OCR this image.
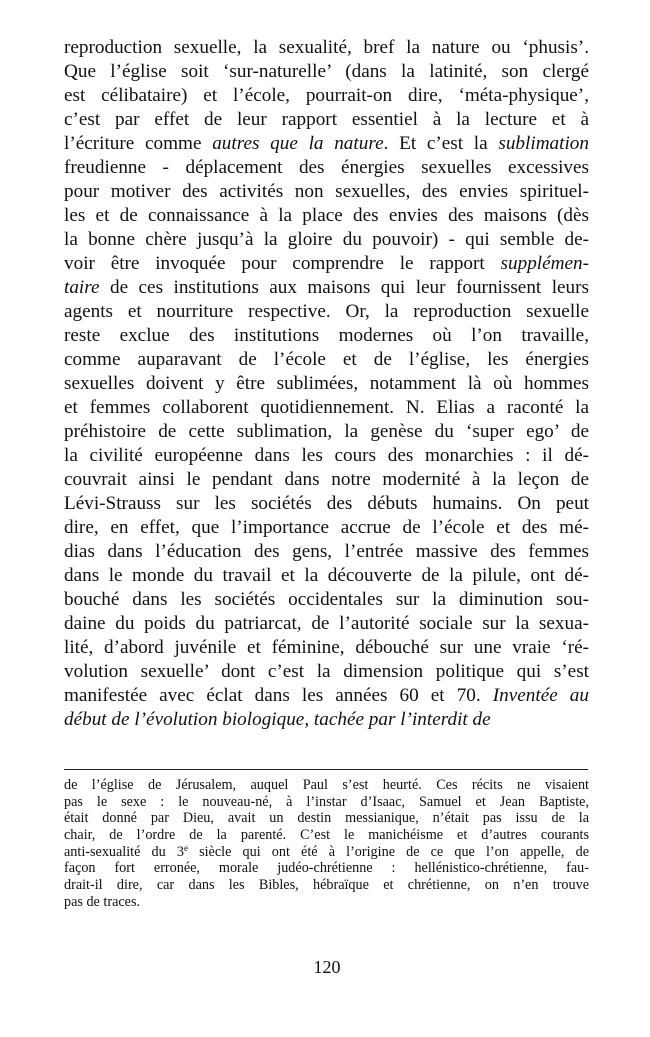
reproduction sexuelle, la sexualité, bref la nature ou ‘phusis’.
Que l’église soit ‘sur-naturelle’ (dans la latinité, son clergé
est célibataire) et l’école, pourrait-on dire, ‘méta-physique’,
c’est par effet de leur rapport essentiel à la lecture et à
l’écriture comme autres que la nature. Et c’est la sublimation
freudienne - déplacement des énergies sexuelles excessives
pour motiver des activités non sexuelles, des envies spirituel-
les et de connaissance à la place des envies des maisons (dès
la bonne chère jusqu’à la gloire du pouvoir) - qui semble de-
voir être invoquée pour comprendre le rapport supplémen-
taire de ces institutions aux maisons qui leur fournissent leurs
agents et nourriture respective. Or, la reproduction sexuelle
reste exclue des institutions modernes où l’on travaille,
comme auparavant de l’école et de l’église, les énergies
sexuelles doivent y être sublimées, notamment là où hommes
et femmes collaborent quotidiennement. N. Elias a raconté la
préhistoire de cette sublimation, la genèse du ‘super ego’ de
la civilité européenne dans les cours des monarchies : il dé-
couvrait ainsi le pendant dans notre modernité à la leçon de
Lévi-Strauss sur les sociétés des débuts humains. On peut
dire, en effet, que l’importance accrue de l’école et des mé-
dias dans l’éducation des gens, l’entrée massive des femmes
dans le monde du travail et la découverte de la pilule, ont dé-
bouché dans les sociétés occidentales sur la diminution sou-
daine du poids du patriarcat, de l’autorité sociale sur la sexua-
lité, d’abord juvénile et féminine, débouché sur une vraie ‘ré-
volution sexuelle’ dont c’est la dimension politique qui s’est
manifestée avec éclat dans les années 60 et 70. Inventée au
début de l’évolution biologique, tachée par l’interdit de
de l’église de Jérusalem, auquel Paul s’est heurté. Ces récits ne visaient
pas le sexe : le nouveau-né, à l’instar d’Isaac, Samuel et Jean Baptiste,
était donné par Dieu, avait un destin messianique, n’était pas issu de la
chair, de l’ordre de la parenté. C’est le manichéisme et d’autres courants
anti-sexualité du 3e siècle qui ont été à l’origine de ce que l’on appelle, de
façon fort erronée, morale judéo-chrétienne : hellénistico-chrétienne, fau-
drait-il dire, car dans les Bibles, hébraïque et chrétienne, on n’en trouve
pas de traces.
120
